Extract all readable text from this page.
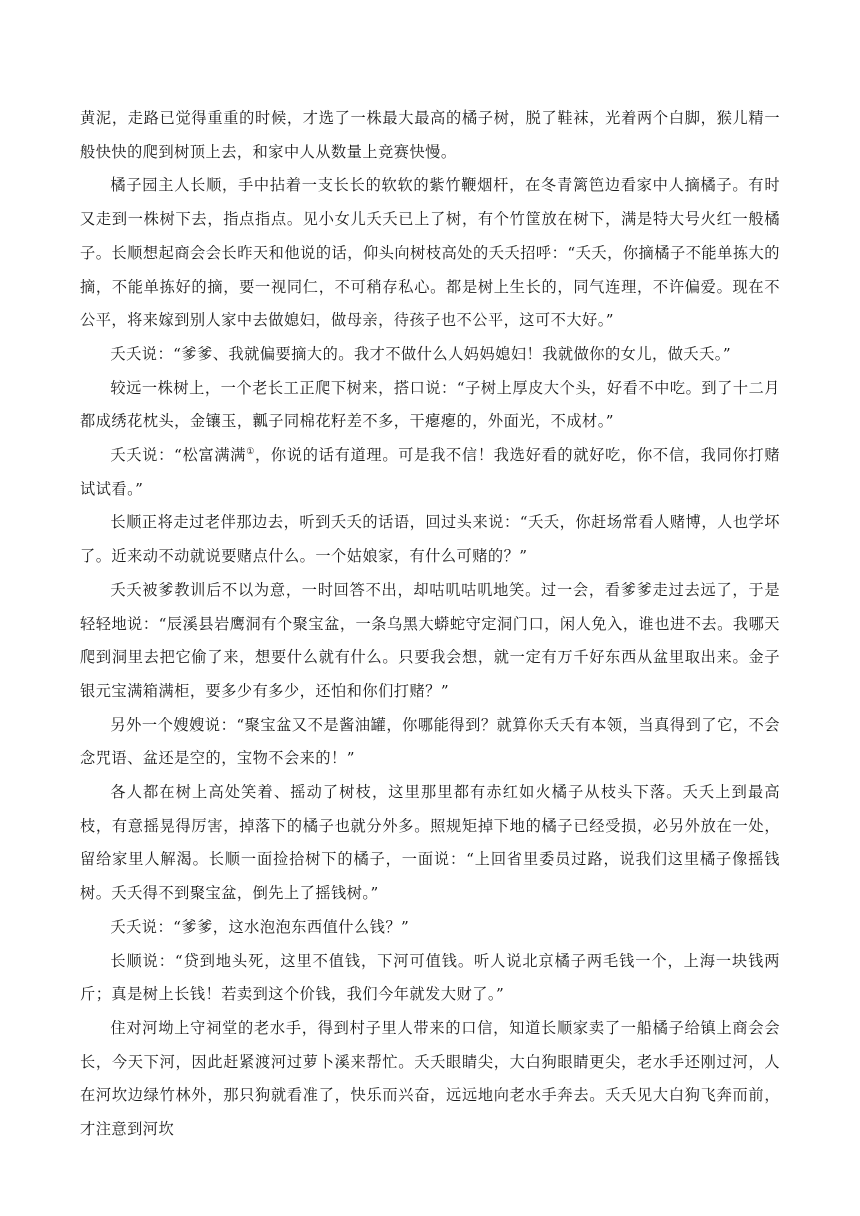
黄泥，走路已觉得重重的时候，才选了一株最大最高的橘子树，脱了鞋袜，光着两个白脚，猴儿精一般快快的爬到树顶上去，和家中人从数量上竞赛快慢。

橘子园主人长顺，手中拈着一支长长的软软的紫竹鞭烟杆，在冬青篱笆边看家中人摘橘子。有时又走到一株树下去，指点指点。见小女儿夭夭已上了树，有个竹筐放在树下，满是特大号火红一般橘子。长顺想起商会会长昨天和他说的话，仰头向树枝高处的夭夭招呼：“夭夭，你摘橘子不能单拣大的摘，不能单拣好的摘，要一视同仁，不可稍存私心。都是树上生长的，同气连理，不许偏爱。现在不公平，将来嫁到别人家中去做媳妇，做母亲，待孩子也不公平，这可不大好。”

夭夭说：“爹爹、我就偏要摘大的。我才不做什么人妈妈媳妇！我就做你的女儿，做夭夭。”

较远一株树上，一个老长工正爬下树来，搭口说：“子树上厚皮大个头，好看不中吃。到了十二月都成绣花枕头，金镶玉，瓤子同棉花籽差不多，干瘪瘪的，外面光，不成材。”

夭夭说：“松富满满①，你说的话有道理。可是我不信！我选好看的就好吃，你不信，我同你打赌试试看。”

长顺正将走过老伴那边去，听到夭夭的话语，回过头来说：“夭夭，你赶场常看人赌博，人也学坏了。近来动不动就说要赌点什么。一个姑娘家，有什么可赌的？”

夭夭被爹教训后不以为意，一时回答不出，却咕叽咕叽地笑。过一会，看爹爹走过去远了，于是轻轻地说：“辰溪县岩鹰洞有个聚宝盆，一条乌黑大蟒蛇守定洞门口，闲人免入，谁也进不去。我哪天爬到洞里去把它偷了来，想要什么就有什么。只要我会想，就一定有万千好东西从盆里取出来。金子银元宝满箱满柜，要多少有多少，还怕和你们打赌？”

另外一个嫂嫂说：“聚宝盆又不是酱油罐，你哪能得到？就算你夭夭有本领，当真得到了它，不会念咒语、盆还是空的，宝物不会来的！”

各人都在树上高处笑着、摇动了树枝，这里那里都有赤红如火橘子从枝头下落。夭夭上到最高枝，有意摇晃得厉害，掉落下的橘子也就分外多。照规矩掉下地的橘子已经受损，必另外放在一处，留给家里人解渴。长顺一面捡拾树下的橘子，一面说：“上回省里委员过路，说我们这里橘子像摇钱树。夭夭得不到聚宝盆，倒先上了摇钱树。”

夭夭说：“爹爹，这水泡泡东西值什么钱？”

长顺说：“贷到地头死，这里不值钱，下河可值钱。听人说北京橘子两毛钱一个，上海一块钱两斤；真是树上长钱！若卖到这个价钱，我们今年就发大财了。”

住对河坳上守祠堂的老水手，得到村子里人带来的口信，知道长顺家卖了一船橘子给镇上商会会长，今天下河，因此赶紧渡河过萝卜溪来帮忙。夭夭眼睛尖，大白狗眼睛更尖，老水手还刚过河，人在河坎边绿竹林外，那只狗就看准了，快乐而兴奋，远远地向老水手奔去。夭夭见大白狗飞奔而前，才注意到河坎
